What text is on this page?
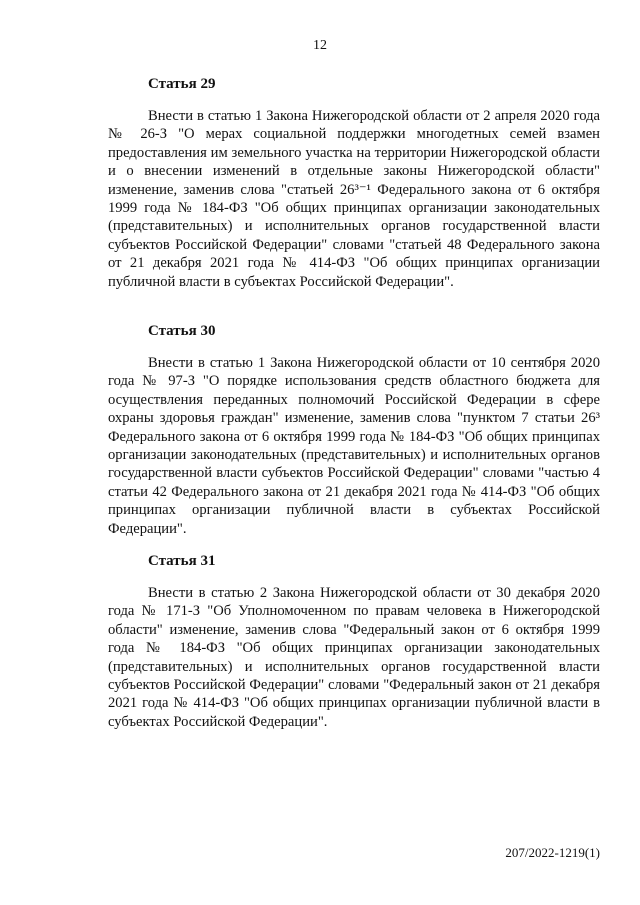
12
Статья 29

Внести в статью 1 Закона Нижегородской области от 2 апреля 2020 года № 26-З "О мерах социальной поддержки многодетных семей взамен предоставления им земельного участка на территории Нижегородской области и о внесении изменений в отдельные законы Нижегородской области" изменение, заменив слова "статьей 26³⁻¹ Федерального закона от 6 октября 1999 года № 184-ФЗ "Об общих принципах организации законодательных (представительных) и исполнительных органов государственной власти субъектов Российской Федерации" словами "статьей 48 Федерального закона от 21 декабря 2021 года № 414-ФЗ "Об общих принципах организации публичной власти в субъектах Российской Федерации".

Статья 30

Внести в статью 1 Закона Нижегородской области от 10 сентября 2020 года № 97-З "О порядке использования средств областного бюджета для осуществления переданных полномочий Российской Федерации в сфере охраны здоровья граждан" изменение, заменив слова "пунктом 7 статьи 26³ Федерального закона от 6 октября 1999 года № 184-ФЗ "Об общих принципах организации законодательных (представительных) и исполнительных органов государственной власти субъектов Российской Федерации" словами "частью 4 статьи 42 Федерального закона от 21 декабря 2021 года № 414-ФЗ "Об общих принципах организации публичной власти в субъектах Российской Федерации".

Статья 31

Внести в статью 2 Закона Нижегородской области от 30 декабря 2020 года № 171-З "Об Уполномоченном по правам человека в Нижегородской области" изменение, заменив слова "Федеральный закон от 6 октября 1999 года № 184-ФЗ "Об общих принципах организации законодательных (представительных) и исполнительных органов государственной власти субъектов Российской Федерации" словами "Федеральный закон от 21 декабря 2021 года № 414-ФЗ "Об общих принципах организации публичной власти в субъектах Российской Федерации".

207/2022-1219(1)
